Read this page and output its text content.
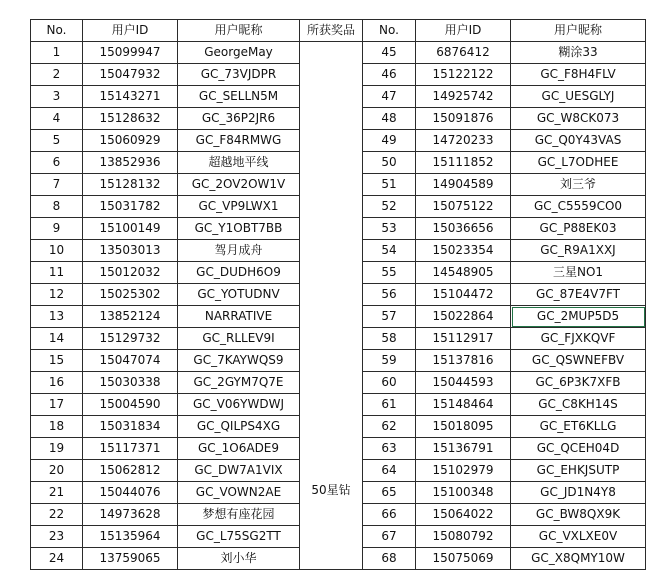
No.	用户ID	用户昵称	所获奖品	No.	用户ID	用户昵称
1	15099947	GeorgeMay	50星钻	45	6876412	糊涂33
2	15047932	GC_73VJDPR		46	15122122	GC_F8H4FLV
3	15143271	GC_SELLN5M		47	14925742	GC_UESGLYJ
4	15128632	GC_36P2JR6		48	15091876	GC_W8CK073
5	15060929	GC_F84RMWG		49	14720233	GC_Q0Y43VAS
6	13852936	超越地平线		50	15111852	GC_L7ODHEE
7	15128132	GC_2OV2OW1V		51	14904589	刘三爷
8	15031782	GC_VP9LWX1		52	15075122	GC_C5559CO0
9	15100149	GC_Y1OBT7BB		53	15036656	GC_P88EK03
10	13503013	驾月成舟		54	15023354	GC_R9A1XXJ
11	15012032	GC_DUDH6O9		55	14548905	三星NO1
12	15025302	GC_YOTUDNV		56	15104472	GC_87E4V7FT
13	13852124	NARRATIVE		57	15022864	GC_2MUP5D5
14	15129732	GC_RLLEV9I		58	15112917	GC_FJXKQVF
15	15047074	GC_7KAYWQS9		59	15137816	GC_QSWNEFBV
16	15030338	GC_2GYM7Q7E		60	15044593	GC_6P3K7XFB
17	15004590	GC_V06YWDWJ		61	15148464	GC_C8KH14S
18	15031834	GC_QILPS4XG		62	15018095	GC_ET6KLLG
19	15117371	GC_1O6ADE9		63	15136791	GC_QCEH04D
20	15062812	GC_DW7A1VIX		64	15102979	GC_EHKJSUTP
21	15044076	GC_VOWN2AE		65	15100348	GC_JD1N4Y8
22	14973628	梦想有座花园		66	15064022	GC_BW8QX9K
23	15135964	GC_L75SG2TT		67	15080792	GC_VXLXE0V
24	13759065	刘小华		68	15075069	GC_X8QMY10W
